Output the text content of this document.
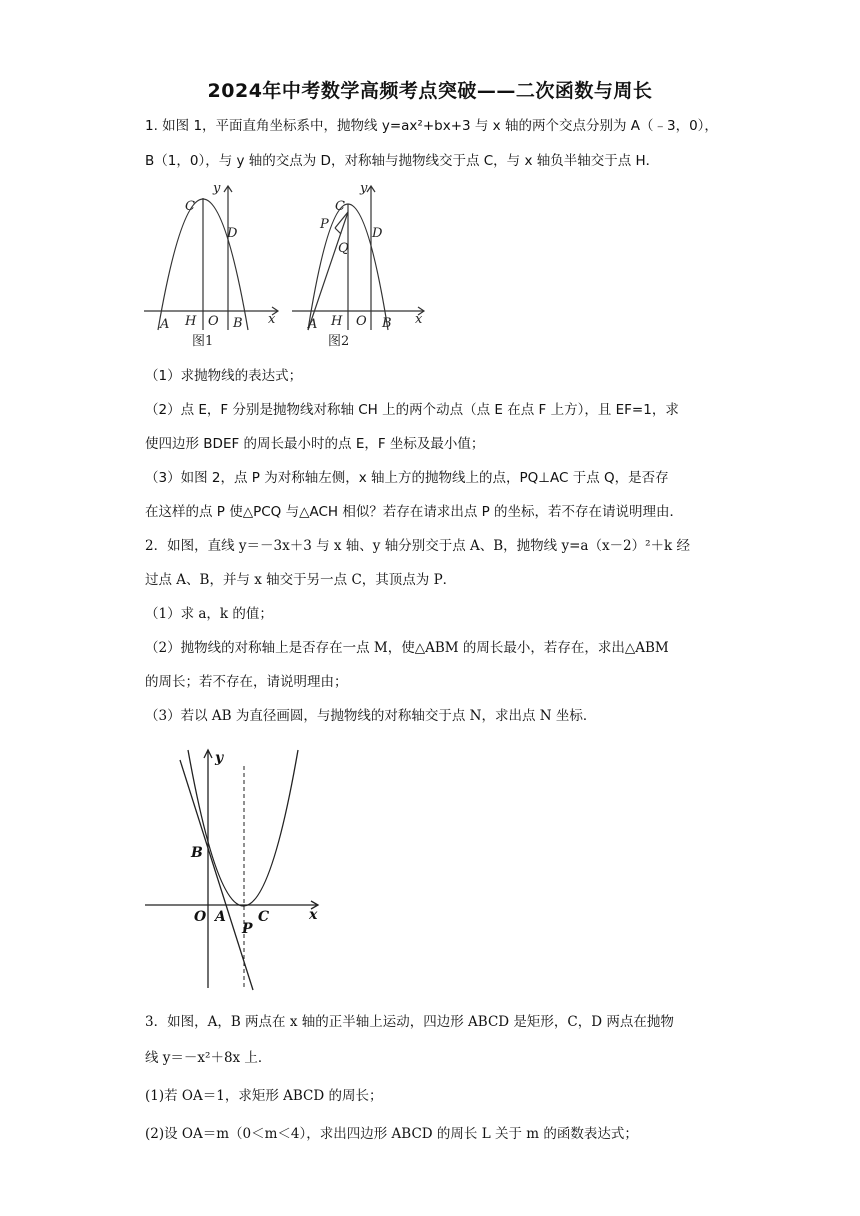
2024年中考数学高频考点突破——二次函数与周长
1. 如图 1，平面直角坐标系中，抛物线 y=ax²+bx+3 与 x 轴的两个交点分别为 A（﹣3，0），
B（1，0），与 y 轴的交点为 D，对称轴与抛物线交于点 C，与 x 轴负半轴交于点 H．
y
C
D
A H O B x
图1
y
C
P
Q
D
A H O B x
图2
（1）求抛物线的表达式；
（2）点 E，F 分别是抛物线对称轴 CH 上的两个动点（点 E 在点 F 上方），且 EF=1，求
使四边形 BDEF 的周长最小时的点 E，F 坐标及最小值；
（3）如图 2，点 P 为对称轴左侧，x 轴上方的抛物线上的点，PQ⊥AC 于点 Q，是否存
在这样的点 P 使△PCQ 与△ACH 相似？若存在请求出点 P 的坐标，若不存在请说明理由．
2．如图，直线 y＝－3x＋3 与 x 轴、y 轴分别交于点 A、B，抛物线 y=a（x－2）²＋k 经
过点 A、B，并与 x 轴交于另一点 C，其顶点为 P．
（1）求 a，k 的值；
（2）抛物线的对称轴上是否存在一点 M，使△ABM 的周长最小，若存在，求出△ABM
的周长；若不存在，请说明理由；
（3）若以 AB 为直径画圆，与抛物线的对称轴交于点 N，求出点 N 坐标．
y
B
O A C
P
x
3．如图，A，B 两点在 x 轴的正半轴上运动，四边形 ABCD 是矩形，C，D 两点在抛物
线 y＝－x²＋8x 上．
(1)若 OA＝1，求矩形 ABCD 的周长；
(2)设 OA＝m（0＜m＜4），求出四边形 ABCD 的周长 L 关于 m 的函数表达式；
